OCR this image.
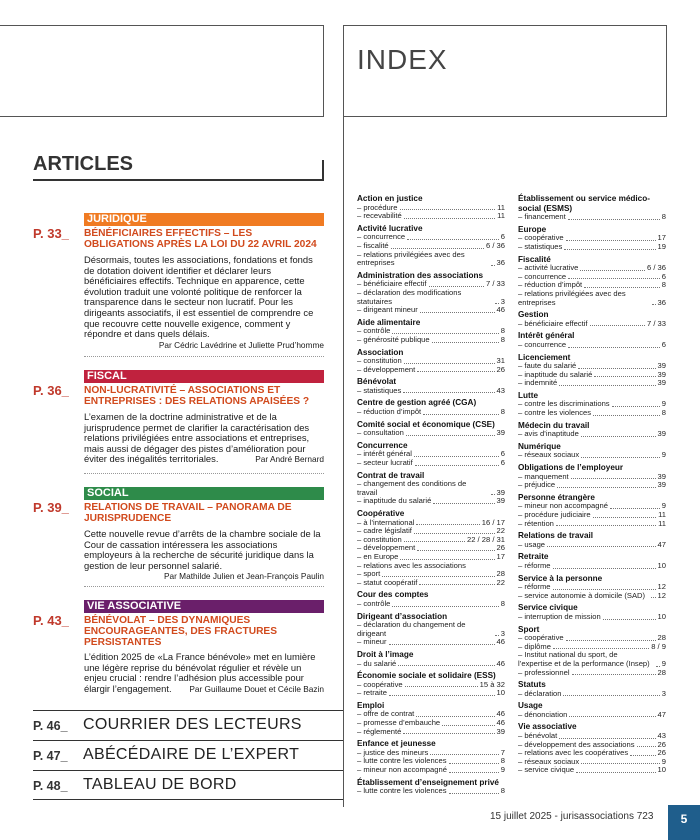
ARTICLES
P. 33_
JURIDIQUE
BÉNÉFICIAIRES EFFECTIFS – LES OBLIGATIONS APRÈS LA LOI DU 22 AVRIL 2024
Désormais, toutes les associations, fondations et fonds de dotation doivent identifier et déclarer leurs bénéficiaires effectifs. Technique en apparence, cette évolution traduit une volonté politique de renforcer la transparence dans le secteur non lucratif. Pour les dirigeants associatifs, il est essentiel de comprendre ce que recouvre cette nouvelle exigence, comment y répondre et dans quels délais.
Par Cédric Lavédrine et Juliette Prud’homme
P. 36_
FISCAL
NON-LUCRATIVITÉ – ASSOCIATIONS ET ENTREPRISES : DES RELATIONS APAISÉES ?
L’examen de la doctrine administrative et de la jurisprudence permet de clarifier la caractérisation des relations privilégiées entre associations et entreprises, mais aussi de dégager des pistes d’amélioration pour éviter des inégalités territoriales.	Par André Bernard
P. 39_
SOCIAL
RELATIONS DE TRAVAIL – PANORAMA DE JURISPRUDENCE
Cette nouvelle revue d’arrêts de la chambre sociale de la Cour de cassation intéressera les associations employeurs à la recherche de sécurité juridique dans la gestion de leur personnel salarié.
Par Mathilde Julien et Jean-François Paulin
P. 43_
VIE ASSOCIATIVE
BÉNÉVOLAT – DES DYNAMIQUES ENCOURAGEANTES, DES FRACTURES PERSISTANTES
L’édition 2025 de «La France bénévole» met en lumière une légère reprise du bénévolat régulier et révèle un enjeu crucial : rendre l’adhésion plus accessible pour élargir l’engagement. Par Guillaume Douet et Cécile Bazin
P. 46_ COURRIER DES LECTEURS
P. 47_ ABÉCÉDAIRE DE L’EXPERT
P. 48_ TABLEAU DE BORD
INDEX
Action en justice
– procédure	11
– recevabilité	11
Activité lucrative
– concurrence	6
– fiscalité	6 / 36
– relations privilégiées avec des entreprises	36
Administration des associations
– bénéficiaire effectif	7 / 33
– déclaration des modifications statutaires	3
– dirigeant mineur	46
Aide alimentaire
– contrôle	8
– générosité publique	8
Association
– constitution	31
– développement	26
Bénévolat
– statistiques	43
Centre de gestion agréé (CGA)
– réduction d’impôt	8
Comité social et économique (CSE)
– consultation	39
Concurrence
– intérêt général	6
– secteur lucratif	6
Contrat de travail
– changement des conditions de travail	39
– inaptitude du salarié	39
Coopérative
– à l’international	16 / 17
– cadre législatif	22
– constitution	22 / 28 / 31
– développement	26
– en Europe	17
– relations avec les associations
– sport	28
– statut coopératif	22
Cour des comptes
– contrôle	8
Dirigeant d’association
– déclaration du changement de dirigeant	3
– mineur	46
Droit à l’image
– du salarié	46
Économie sociale et solidaire (ESS)
– coopérative	15 à 32
– retraite	10
Emploi
– offre de contrat	46
– promesse d’embauche	46
– réglementé	39
Enfance et jeunesse
– justice des mineurs	7
– lutte contre les violences	8
– mineur non accompagné	9
Établissement d’enseignement privé
– lutte contre les violences	8
Établissement ou service médico-social (ESMS)
– financement	8
Europe
– coopérative	17
– statistiques	19
Fiscalité
– activité lucrative	6 / 36
– concurrence	6
– réduction d’impôt	8
– relations privilégiées avec des entreprises	36
Gestion
– bénéficiaire effectif	7 / 33
Intérêt général
– concurrence	6
Licenciement
– faute du salarié	39
– inaptitude du salarié	39
– indemnité	39
Lutte
– contre les discriminations	9
– contre les violences	8
Médecin du travail
– avis d’inaptitude	39
Numérique
– réseaux sociaux	9
Obligations de l’employeur
– manquement	39
– préjudice	39
Personne étrangère
– mineur non accompagné	9
– procédure judiciaire	11
– rétention	11
Relations de travail
– usage	47
Retraite
– réforme	10
Service à la personne
– réforme	12
– service autonomie à domicile (SAD)	12
Service civique
– interruption de mission	10
Sport
– coopérative	28
– diplôme	8 / 9
– Institut national du sport, de l’expertise et de la performance (Insep)	9
– professionnel	28
Statuts
– déclaration	3
Usage
– dénonciation	47
Vie associative
– bénévolat	43
– développement des associations	26
– relations avec les coopératives	26
– réseaux sociaux	9
– service civique	10
15 juillet 2025 - jurisassociations 723	5
